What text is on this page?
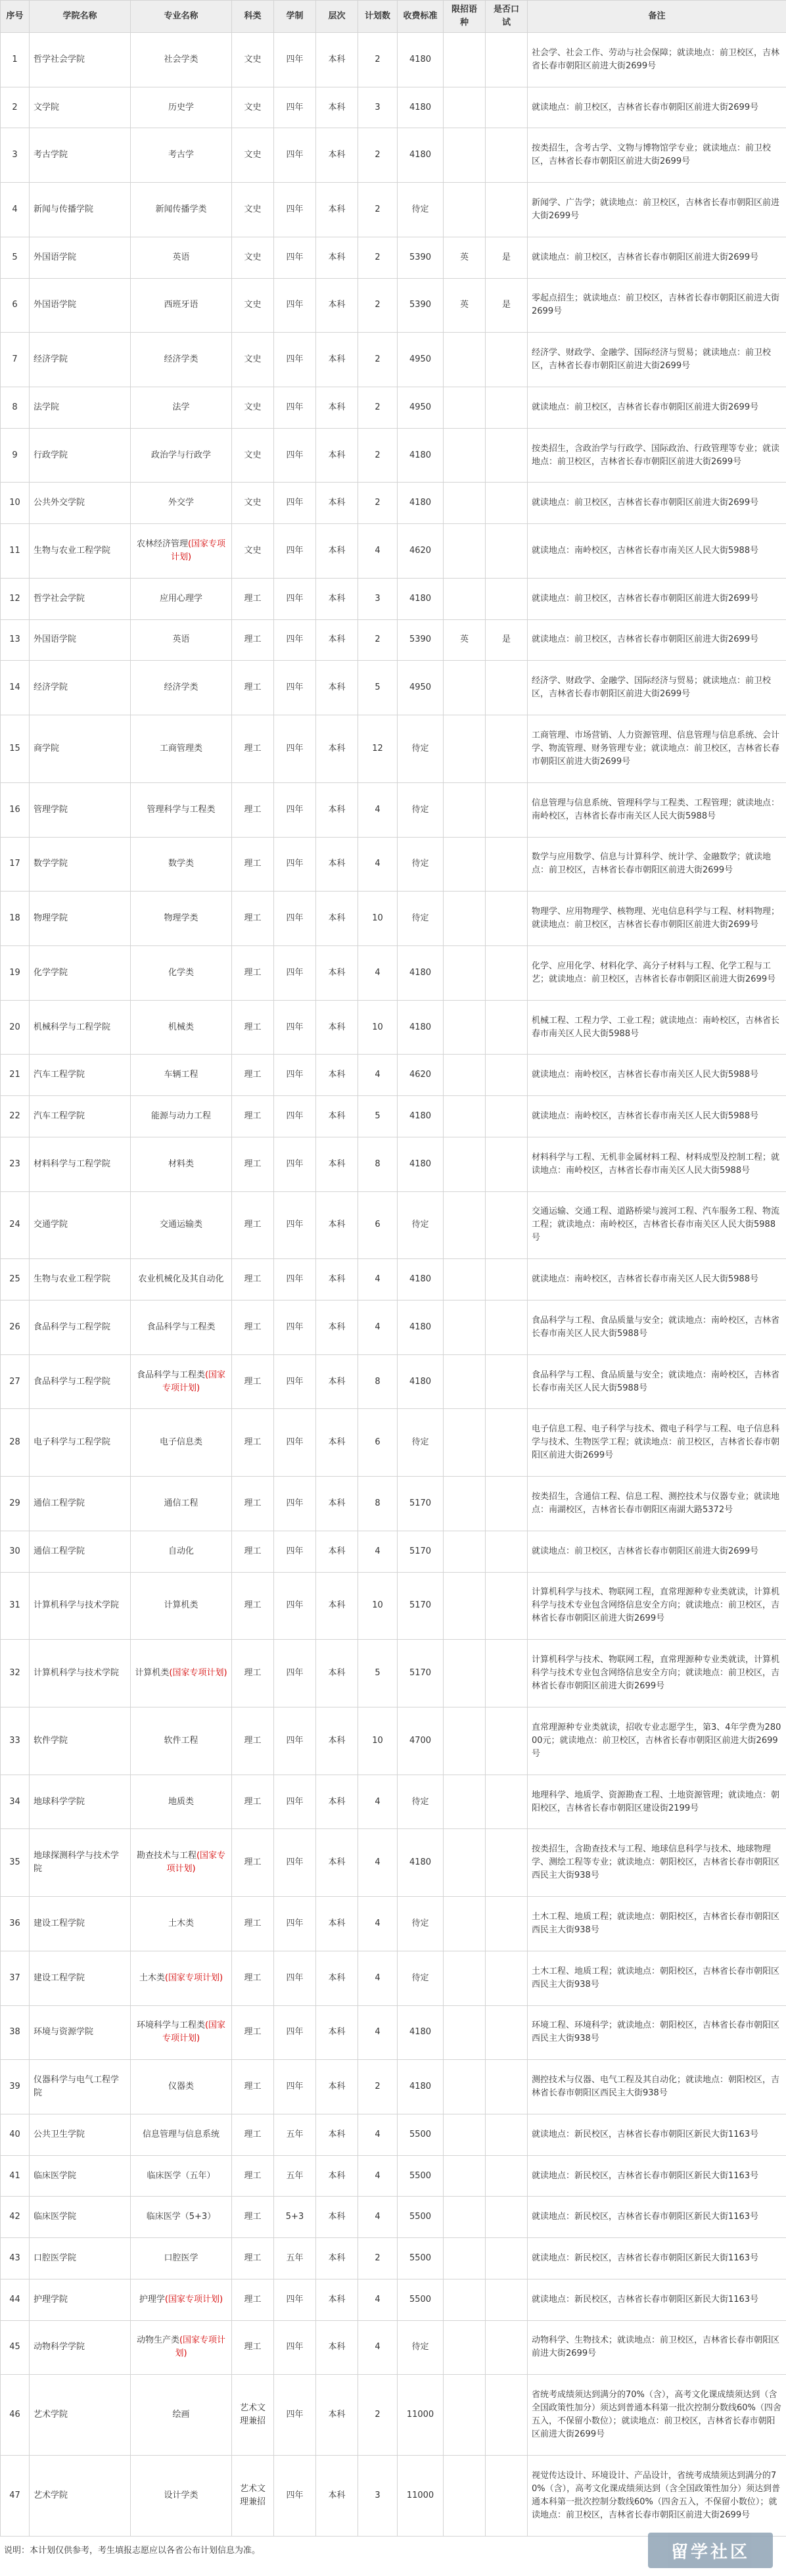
序号	学院名称	专业名称	科类	学制	层次	计划数	收费标准	限招语种	是否口试	备注
1	哲学社会学院	社会学类	文史	四年	本科	2	4180			社会学、社会工作、劳动与社会保障；就读地点：前卫校区，吉林省长春市朝阳区前进大街2699号
2	文学院	历史学	文史	四年	本科	3	4180			就读地点：前卫校区，吉林省长春市朝阳区前进大街2699号
3	考古学院	考古学	文史	四年	本科	2	4180			按类招生，含考古学、文物与博物馆学专业；就读地点：前卫校区，吉林省长春市朝阳区前进大街2699号
4	新闻与传播学院	新闻传播学类	文史	四年	本科	2	待定			新闻学、广告学；就读地点：前卫校区，吉林省长春市朝阳区前进大街2699号
5	外国语学院	英语	文史	四年	本科	2	5390	英	是	就读地点：前卫校区，吉林省长春市朝阳区前进大街2699号
6	外国语学院	西班牙语	文史	四年	本科	2	5390	英	是	零起点招生；就读地点：前卫校区，吉林省长春市朝阳区前进大街2699号
7	经济学院	经济学类	文史	四年	本科	2	4950			经济学、财政学、金融学、国际经济与贸易；就读地点：前卫校区，吉林省长春市朝阳区前进大街2699号
8	法学院	法学	文史	四年	本科	2	4950			就读地点：前卫校区，吉林省长春市朝阳区前进大街2699号
9	行政学院	政治学与行政学	文史	四年	本科	2	4180			按类招生，含政治学与行政学、国际政治、行政管理等专业；就读地点：前卫校区，吉林省长春市朝阳区前进大街2699号
10	公共外交学院	外交学	文史	四年	本科	2	4180			就读地点：前卫校区，吉林省长春市朝阳区前进大街2699号
11	生物与农业工程学院	农林经济管理(国家专项计划)	文史	四年	本科	4	4620			就读地点：南岭校区，吉林省长春市南关区人民大街5988号
12	哲学社会学院	应用心理学	理工	四年	本科	3	4180			就读地点：前卫校区，吉林省长春市朝阳区前进大街2699号
13	外国语学院	英语	理工	四年	本科	2	5390	英	是	就读地点：前卫校区，吉林省长春市朝阳区前进大街2699号
14	经济学院	经济学类	理工	四年	本科	5	4950			经济学、财政学、金融学、国际经济与贸易；就读地点：前卫校区，吉林省长春市朝阳区前进大街2699号
15	商学院	工商管理类	理工	四年	本科	12	待定			工商管理、市场营销、人力资源管理、信息管理与信息系统、会计学、物流管理、财务管理专业；就读地点：前卫校区，吉林省长春市朝阳区前进大街2699号
16	管理学院	管理科学与工程类	理工	四年	本科	4	待定			信息管理与信息系统、管理科学与工程类、工程管理；就读地点：南岭校区，吉林省长春市南关区人民大街5988号
17	数学学院	数学类	理工	四年	本科	4	待定			数学与应用数学、信息与计算科学、统计学、金融数学；就读地点：前卫校区，吉林省长春市朝阳区前进大街2699号
18	物理学院	物理学类	理工	四年	本科	10	待定			物理学、应用物理学、核物理、光电信息科学与工程、材料物理；就读地点：前卫校区，吉林省长春市朝阳区前进大街2699号
19	化学学院	化学类	理工	四年	本科	4	4180			化学、应用化学、材料化学、高分子材料与工程、化学工程与工艺；就读地点：前卫校区，吉林省长春市朝阳区前进大街2699号
20	机械科学与工程学院	机械类	理工	四年	本科	10	4180			机械工程、工程力学、工业工程；就读地点：南岭校区，吉林省长春市南关区人民大街5988号
21	汽车工程学院	车辆工程	理工	四年	本科	4	4620			就读地点：南岭校区，吉林省长春市南关区人民大街5988号
22	汽车工程学院	能源与动力工程	理工	四年	本科	5	4180			就读地点：南岭校区，吉林省长春市南关区人民大街5988号
23	材料科学与工程学院	材料类	理工	四年	本科	8	4180			材料科学与工程、无机非金属材料工程、材料成型及控制工程；就读地点：南岭校区，吉林省长春市南关区人民大街5988号
24	交通学院	交通运输类	理工	四年	本科	6	待定			交通运输、交通工程、道路桥梁与渡河工程、汽车服务工程、物流工程；就读地点：南岭校区，吉林省长春市南关区人民大街5988号
25	生物与农业工程学院	农业机械化及其自动化	理工	四年	本科	4	4180			就读地点：南岭校区，吉林省长春市南关区人民大街5988号
26	食品科学与工程学院	食品科学与工程类	理工	四年	本科	4	4180			食品科学与工程、食品质量与安全；就读地点：南岭校区，吉林省长春市南关区人民大街5988号
27	食品科学与工程学院	食品科学与工程类(国家专项计划)	理工	四年	本科	8	4180			食品科学与工程、食品质量与安全；就读地点：南岭校区，吉林省长春市南关区人民大街5988号
28	电子科学与工程学院	电子信息类	理工	四年	本科	6	待定			电子信息工程、电子科学与技术、微电子科学与工程、电子信息科学与技术、生物医学工程；就读地点：前卫校区，吉林省长春市朝阳区前进大街2699号
29	通信工程学院	通信工程	理工	四年	本科	8	5170			按类招生，含通信工程、信息工程、测控技术与仪器专业；就读地点：南湖校区，吉林省长春市朝阳区南湖大路5372号
30	通信工程学院	自动化	理工	四年	本科	4	5170			就读地点：前卫校区，吉林省长春市朝阳区前进大街2699号
31	计算机科学与技术学院	计算机类	理工	四年	本科	10	5170			计算机科学与技术、物联网工程，直常理源种专业类就读，计算机科学与技术专业包含网络信息安全方向；就读地点：前卫校区，吉林省长春市朝阳区前进大街2699号
32	计算机科学与技术学院	计算机类(国家专项计划)	理工	四年	本科	5	5170			计算机科学与技术、物联网工程，直常理源种专业类就读，计算机科学与技术专业包含网络信息安全方向；就读地点：前卫校区，吉林省长春市朝阳区前进大街2699号
33	软件学院	软件工程	理工	四年	本科	10	4700			直常理源种专业类就读，招收专业志愿学生，第3、4年学费为28000元；就读地点：前卫校区，吉林省长春市朝阳区前进大街2699号
34	地球科学学院	地质类	理工	四年	本科	4	待定			地理科学、地质学、资源勘查工程、土地资源管理；就读地点：朝阳校区，吉林省长春市朝阳区建设街2199号
35	地球探测科学与技术学院	勘查技术与工程(国家专项计划)	理工	四年	本科	4	4180			按类招生，含勘查技术与工程、地球信息科学与技术、地球物理学、测绘工程等专业；就读地点：朝阳校区，吉林省长春市朝阳区西民主大街938号
36	建设工程学院	土木类	理工	四年	本科	4	待定			土木工程、地质工程；就读地点：朝阳校区，吉林省长春市朝阳区西民主大街938号
37	建设工程学院	土木类(国家专项计划)	理工	四年	本科	4	待定			土木工程、地质工程；就读地点：朝阳校区，吉林省长春市朝阳区西民主大街938号
38	环境与资源学院	环境科学与工程类(国家专项计划)	理工	四年	本科	4	4180			环境工程、环境科学；就读地点：朝阳校区，吉林省长春市朝阳区西民主大街938号
39	仪器科学与电气工程学院	仪器类	理工	四年	本科	2	4180			测控技术与仪器、电气工程及其自动化；就读地点：朝阳校区，吉林省长春市朝阳区西民主大街938号
40	公共卫生学院	信息管理与信息系统	理工	五年	本科	4	5500			就读地点：新民校区，吉林省长春市朝阳区新民大街1163号
41	临床医学院	临床医学（五年）	理工	五年	本科	4	5500			就读地点：新民校区，吉林省长春市朝阳区新民大街1163号
42	临床医学院	临床医学（5+3）	理工	5+3	本科	4	5500			就读地点：新民校区，吉林省长春市朝阳区新民大街1163号
43	口腔医学院	口腔医学	理工	五年	本科	2	5500			就读地点：新民校区，吉林省长春市朝阳区新民大街1163号
44	护理学院	护理学(国家专项计划)	理工	四年	本科	4	5500			就读地点：新民校区，吉林省长春市朝阳区新民大街1163号
45	动物科学学院	动物生产类(国家专项计划)	理工	四年	本科	4	待定			动物科学、生物技术；就读地点：前卫校区，吉林省长春市朝阳区前进大街2699号
46	艺术学院	绘画	艺术文理兼招	四年	本科	2	11000			省统考成绩须达到满分的70%（含），高考文化课成绩须达到（含全国政策性加分）须达到普通本科第一批次控制分数线60%（四舍五入，不保留小数位）；就读地点：前卫校区，吉林省长春市朝阳区前进大街2699号
47	艺术学院	设计学类	艺术文理兼招	四年	本科	3	11000			视觉传达设计、环境设计、产品设计，省统考成绩须达到满分的70%（含），高考文化课成绩须达到（含全国政策性加分）须达到普通本科第一批次控制分数线60%（四舍五入，不保留小数位）；就读地点：前卫校区，吉林省长春市朝阳区前进大街2699号
说明：本计划仅供参考，考生填报志愿应以各省公布计划信息为准。	留学社区
